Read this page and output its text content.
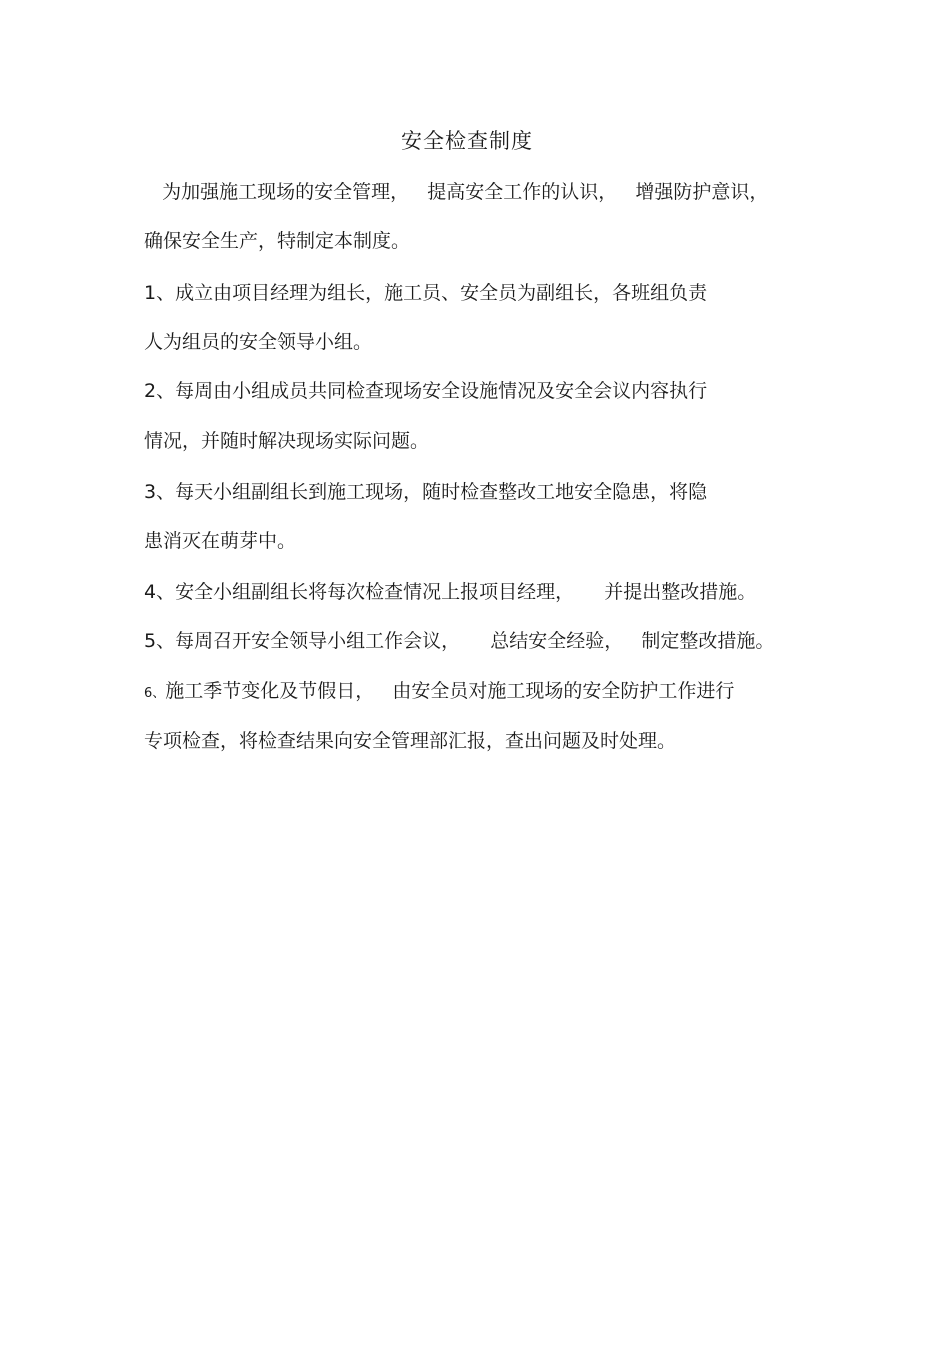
安全检查制度
为加强施工现场的安全管理，   提高安全工作的认识，   增强防护意识，
确保安全生产，特制定本制度。
1、成立由项目经理为组长，施工员、安全员为副组长，各班组负责
人为组员的安全领导小组。
2、每周由小组成员共同检查现场安全设施情况及安全会议内容执行
情况，并随时解决现场实际问题。
3、每天小组副组长到施工现场，随时检查整改工地安全隐患，将隐
患消灭在萌芽中。
4、安全小组副组长将每次检查情况上报项目经理，     并提出整改措施。
5、每周召开安全领导小组工作会议，     总结安全经验，   制定整改措施。
6、施工季节变化及节假日，   由安全员对施工现场的安全防护工作进行
专项检查，将检查结果向安全管理部汇报，查出问题及时处理。
